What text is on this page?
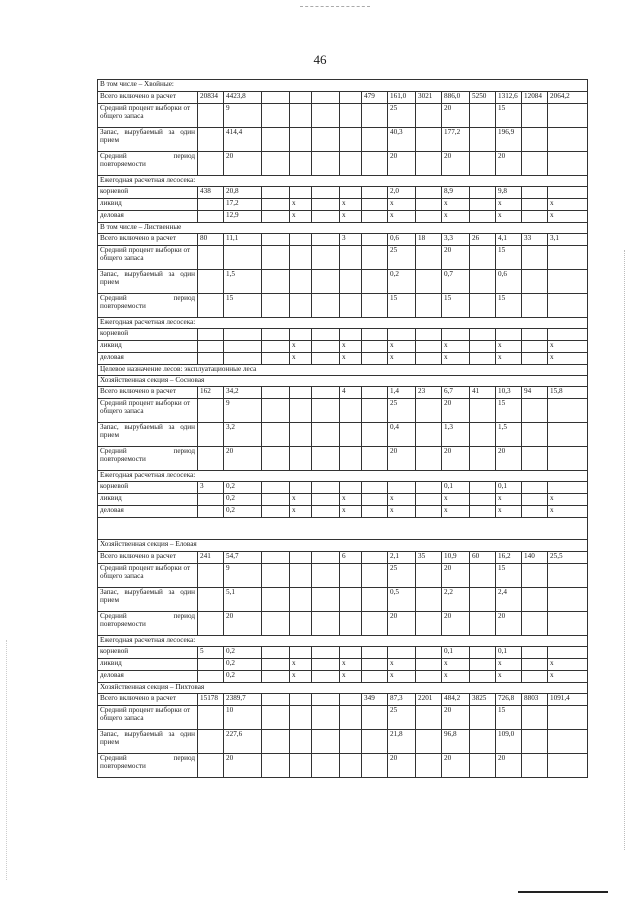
46
В том числе – Хвойные:														
Всего включено в расчет	20834	4423,8					479	161,0	3021	886,0	5250	1312,6	12084	2064,2
Средний процент выборки от общего запаса		9						25		20		15		
Запас, вырубаемый за один прием		414,4						40,3		177,2		196,9		
Средний период повторяемости		20						20		20		20		
Ежегодная расчетная лесосека:														
корневой	438	20,8						2,0		8,9		9,8		
ликвид		17,2		х		х		х		х		х		х
деловая		12,9		х		х		х		х		х		х
В том числе – Лиственные														
Всего включено в расчет	80	11,1				3		0,6	18	3,3	26	4,1	33	3,1
Средний процент выборки от общего запаса								25		20		15		
Запас, вырубаемый за один прием		1,5						0,2		0,7		0,6		
Средний период повторяемости		15						15		15		15		
Ежегодная расчетная лесосека:														
корневой														
ликвид				х		х		х		х		х		х
деловая				х		х		х		х		х		х
Целевое назначение лесов: эксплуатационные леса														
Хозяйственная секция – Сосновая														
Всего включено в расчет	162	34,2				4		1,4	23	6,7	41	10,3	94	15,8
Средний процент выборки от общего запаса		9						25		20		15		
Запас, вырубаемый за один прием		3,2						0,4		1,3		1,5		
Средний период повторяемости		20						20		20		20		
Ежегодная расчетная лесосека:														
корневой	3	0,2								0,1		0,1		
ликвид		0,2		х		х		х		х		х		х
деловая		0,2		х		х		х		х		х		х

Хозяйственная секция – Еловая														
Всего включено в расчет	241	54,7				6		2,1	35	10,9	60	16,2	140	25,5
Средний процент выборки от общего запаса		9						25		20		15		
Запас, вырубаемый за один прием		5,1						0,5		2,2		2,4		
Средний период повторяемости		20						20		20		20		
Ежегодная расчетная лесосека:														
корневой	5	0,2								0,1		0,1		
ликвид		0,2		х		х		х		х		х		х
деловая		0,2		х		х		х		х		х		х
Хозяйственная секция – Пихтовая														
Всего включено в расчет	15178	2389,7					349	87,3	2201	484,2	3825	726,8	8803	1091,4
Средний процент выборки от общего запаса		10						25		20		15		
Запас, вырубаемый за один прием		227,6						21,8		96,8		109,0		
Средний период повторяемости		20						20		20		20		
